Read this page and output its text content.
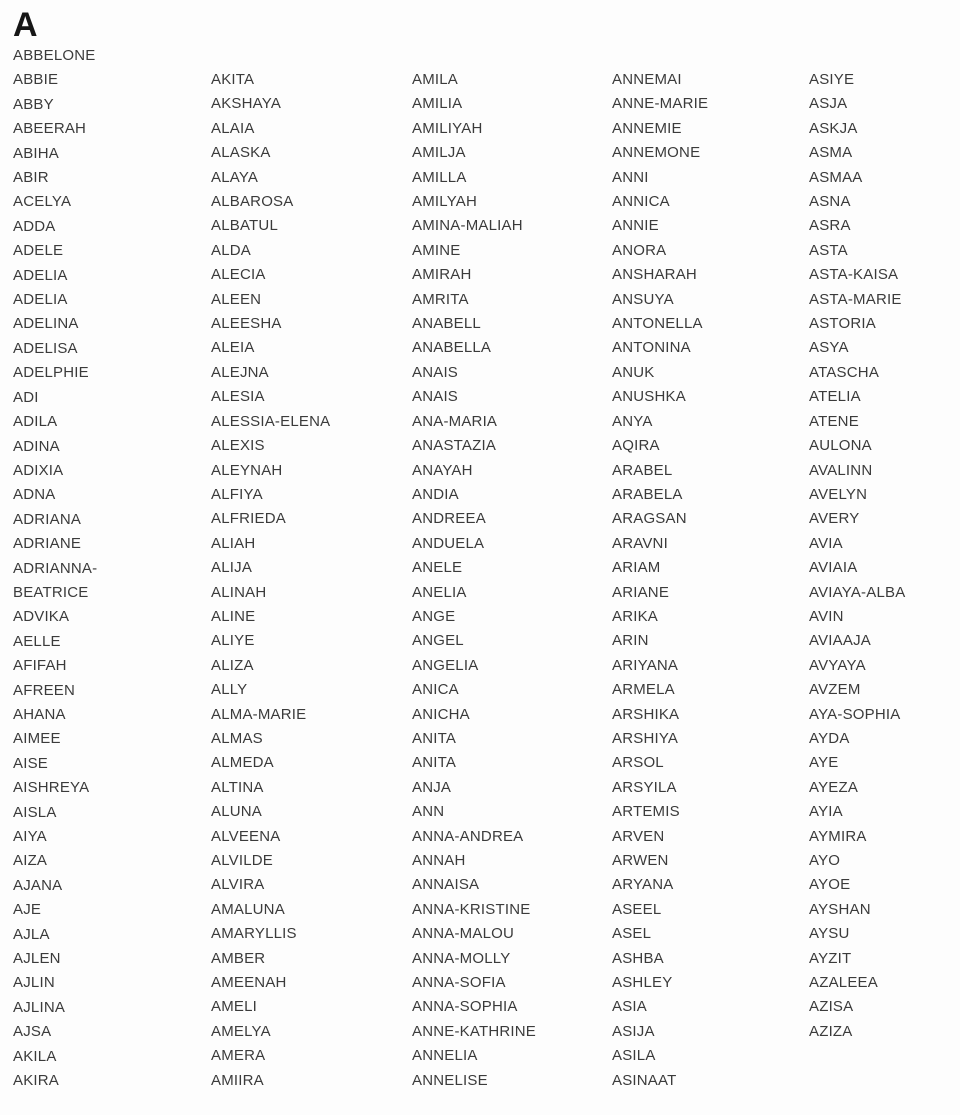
A
ABBELONE
ABBIE
ABBY
ABEERAH
ABIHA
ABIR
ACELYA
ADDA
ADELE
ADELIA
ADELIA
ADELINA
ADELISA
ADELPHIE
ADI
ADILA
ADINA
ADIXIA
ADNA
ADRIANA
ADRIANE
ADRIANNA-BEATRICE
ADVIKA
AELLE
AFIFAH
AFREEN
AHANA
AIMEE
AISE
AISHREYA
AISLA
AIYA
AIZA
AJANA
AJE
AJLA
AJLEN
AJLIN
AJLINA
AJSA
AKILA
AKIRA
AKITA
AKSHAYA
ALAIA
ALASKA
ALAYA
ALBAROSA
ALBATUL
ALDA
ALECIA
ALEEN
ALEESHA
ALEIA
ALEJNA
ALESIA
ALESSIA-ELENA
ALEXIS
ALEYNAH
ALFIYA
ALFRIEDA
ALIAH
ALIJA
ALINAH
ALINE
ALIYE
ALIZA
ALLY
ALMA-MARIE
ALMAS
ALMEDA
ALTINA
ALUNA
ALVEENA
ALVILDE
ALVIRA
AMALUNA
AMARYLLIS
AMBER
AMEENAH
AMELI
AMELYA
AMERA
AMIIRA
AMILA
AMILIA
AMILIYAH
AMILJA
AMILLA
AMILYAH
AMINA-MALIAH
AMINE
AMIRAH
AMRITA
ANABELL
ANABELLA
ANAIS
ANAIS
ANA-MARIA
ANASTAZIA
ANAYAH
ANDIA
ANDREEA
ANDUELA
ANELE
ANELIA
ANGE
ANGEL
ANGELIA
ANICA
ANICHA
ANITA
ANITA
ANJA
ANN
ANNA-ANDREA
ANNAH
ANNAISA
ANNA-KRISTINE
ANNA-MALOU
ANNA-MOLLY
ANNA-SOFIA
ANNA-SOPHIA
ANNE-KATHRINE
ANNELIA
ANNELISE
ANNEMAI
ANNE-MARIE
ANNEMIE
ANNEMONE
ANNI
ANNICA
ANNIE
ANORA
ANSHARAH
ANSUYA
ANTONELLA
ANTONINA
ANUK
ANUSHKA
ANYA
AQIRA
ARABEL
ARABELA
ARAGSAN
ARAVNI
ARIAM
ARIANE
ARIKA
ARIN
ARIYANA
ARMELA
ARSHIKA
ARSHIYA
ARSOL
ARSYILA
ARTEMIS
ARVEN
ARWEN
ARYANA
ASEEL
ASEL
ASHBA
ASHLEY
ASIA
ASIJA
ASILA
ASINAAT
ASIYE
ASJA
ASKJA
ASMA
ASMAA
ASNA
ASRA
ASTA
ASTA-KAISA
ASTA-MARIE
ASTORIA
ASYA
ATASCHA
ATELIA
ATENE
AULONA
AVALINN
AVELYN
AVERY
AVIA
AVIAIA
AVIAYA-ALBA
AVIN
AVIAAJA
AVYAYA
AVZEM
AYA-SOPHIA
AYDA
AYE
AYEZA
AYIA
AYMIRA
AYO
AYOE
AYSHAN
AYSU
AYZIT
AZALEEA
AZISA
AZIZA
